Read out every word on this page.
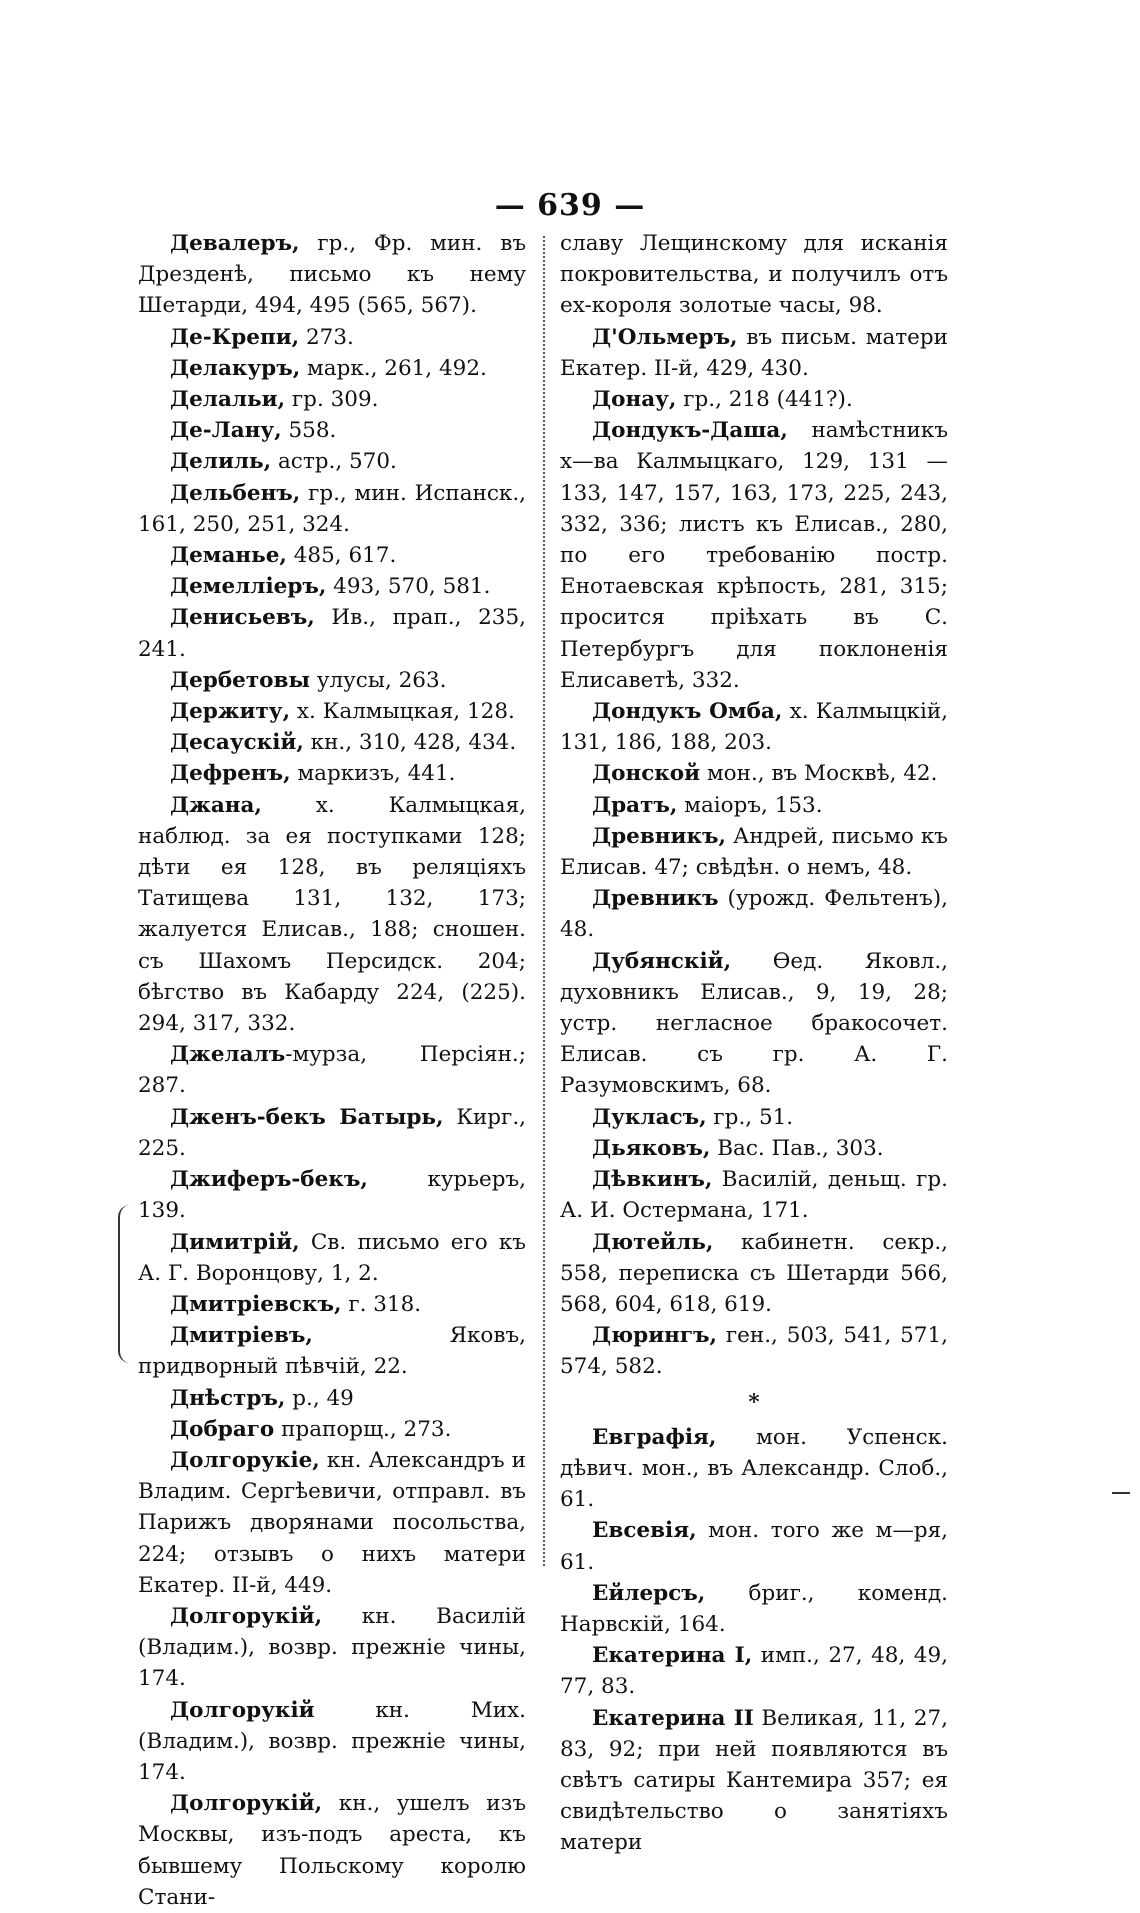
— 639 —

Девалеръ, гр., Фр. мин. въ Дрезденѣ, письмо къ нему Шетарди, 494, 495 (565, 567).

Де-Крепи, 273.

Делакуръ, марк., 261, 492.

Делальи, гр. 309.

Де-Лану, 558.

Делиль, астр., 570.

Дельбенъ, гр., мин. Испанск., 161, 250, 251, 324.

Деманье, 485, 617.

Демеллiеръ, 493, 570, 581.

Денисьевъ, Ив., прап., 235, 241.

Дербетовы улусы, 263.

Держиту, х. Калмыцкая, 128.

Десаускiй, кн., 310, 428, 434.

Дефренъ, маркизъ, 441.

Джана, х. Калмыцкая, наблюд. за ея поступками 128; дѣти ея 128, въ реляцiяхъ Татищева 131, 132, 173; жалуется Елисав., 188; сношен. съ Шахомъ Персидск. 204; бѣгство въ Кабарду 224, (225). 294, 317, 332.

Джелалъ-мурза, Персiян.; 287.

Дженъ-бекъ Батырь, Кирг., 225.

Джиферъ-бекъ, курьеръ, 139.

Димитрiй, Св. письмо его къ А. Г. Воронцову, 1, 2.

Дмитрiевскъ, г. 318.

Дмитрiевъ, Яковъ, придворный пѣвчiй, 22.

Днѣстръ, р., 49

Добраго прапорщ., 273.

Долгорукiе, кн. Александръ и Владим. Сергѣевичи, отправл. въ Парижъ дворянами посольства, 224; отзывъ о нихъ матери Екатер. II-й, 449.

Долгорукiй, кн. Василiй (Владим.), возвр. прежнiе чины, 174.

Долгорукiй кн. Мих. (Владим.), возвр. прежнiе чины, 174.

Долгорукiй, кн., ушелъ изъ Москвы, изъ-подъ ареста, къ бывшему Польскому королю Стани-

славу Лещинскому для исканiя покровительства, и получилъ отъ ex-короля золотые часы, 98.

Д'Ольмеръ, въ письм. матери Екатер. II-й, 429, 430.

Донау, гр., 218 (441?).

Дондукъ-Даша, намѣстникъ х—ва Калмыцкаго, 129, 131 — 133, 147, 157, 163, 173, 225, 243, 332, 336; листъ къ Елисав., 280, по его требованiю постр. Енотаевская крѣпость, 281, 315; просится прiѣхать въ С. Петербургъ для поклоненiя Елисаветѣ, 332.

Дондукъ Омба, х. Калмыцкiй, 131, 186, 188, 203.

Донской мон., въ Москвѣ, 42.

Дратъ, маiоръ, 153.

Древникъ, Андрей, письмо къ Елисав. 47; свѣдѣн. о немъ, 48.

Древникъ (урожд. Фельтенъ), 48.

Дубянскiй, Ѳед. Яковл., духовникъ Елисав., 9, 19, 28; устр. негласное бракосочет. Елисав. съ гр. А. Г. Разумовскимъ, 68.

Дукласъ, гр., 51.

Дьяковъ, Вас. Пав., 303.

Дѣвкинъ, Василiй, деньщ. гр. А. И. Остермана, 171.

Дютейль, кабинетн. секр., 558, переписка съ Шетарди 566, 568, 604, 618, 619.

Дюрингъ, ген., 503, 541, 571, 574, 582.

*

Евграфiя, мон. Успенск. дѣвич. мон., въ Александр. Слоб., 61.

Евсевiя, мон. того же м—ря, 61.

Ейлерсъ, бриг., коменд. Нарвскiй, 164.

Екатерина I, имп., 27, 48, 49, 77, 83.

Екатерина II Великая, 11, 27, 83, 92; при ней появляются въ свѣтъ сатиры Кантемира 357; ея свидѣтельство о занятiяхъ матери
